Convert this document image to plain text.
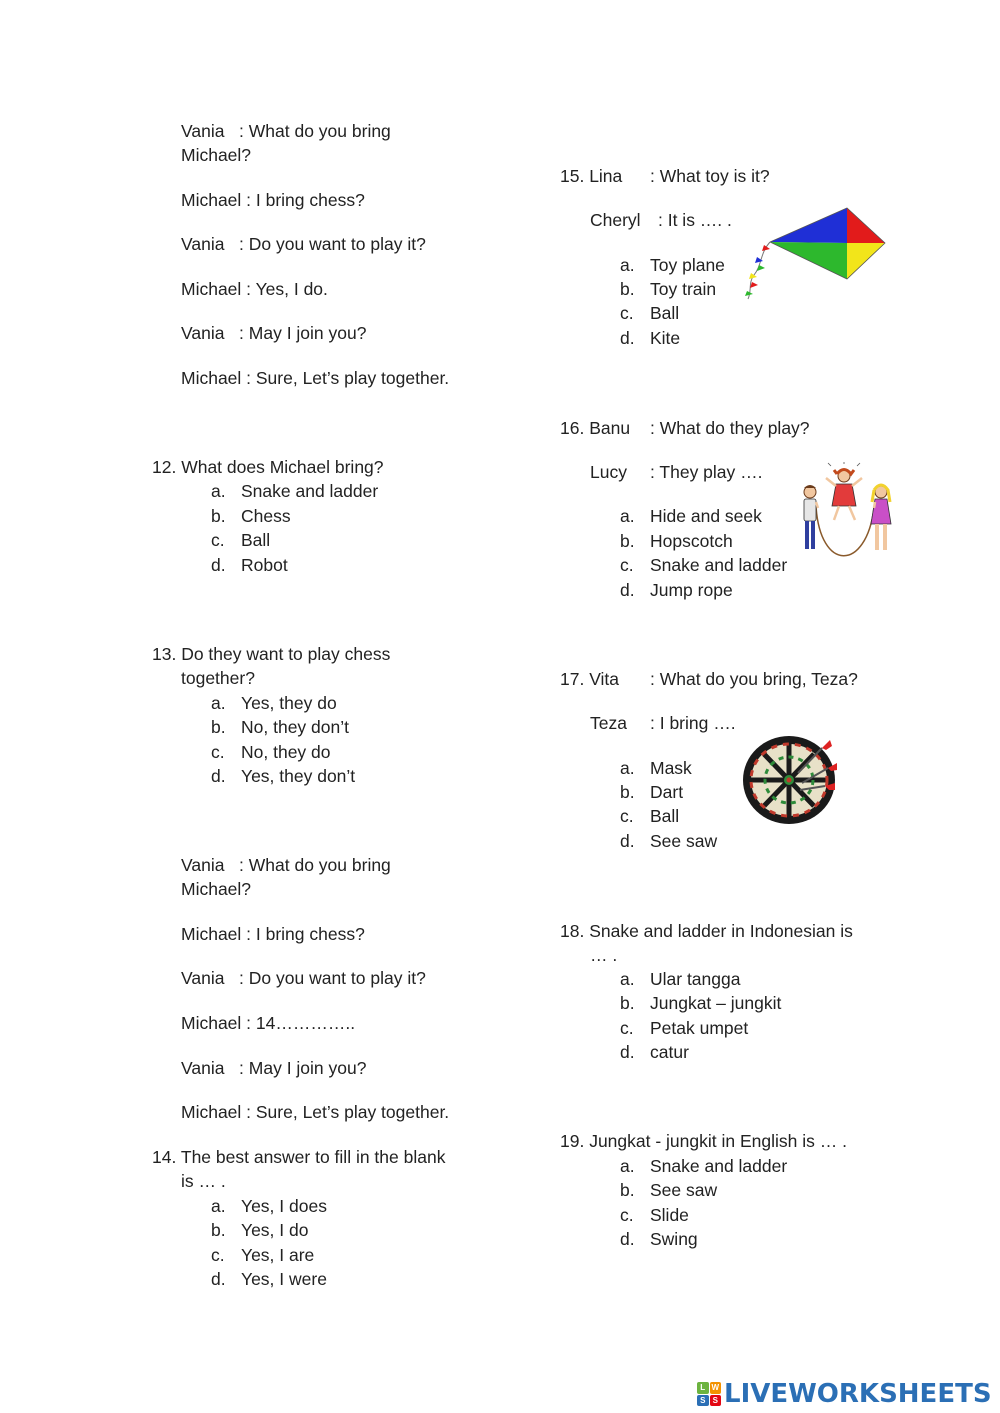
Vania   : What do you bring
Michael?
Michael : I bring chess?
Vania   : Do you want to play it?
Michael : Yes, I do.
Vania   : May I join you?
Michael : Sure, Let’s play together.
12. What does Michael bring?
a. Snake and ladder
b. Chess
c. Ball
d. Robot
13. Do they want to play chess
together?
a. Yes, they do
b. No, they don’t
c. No, they do
d. Yes, they don’t
Vania   : What do you bring
Michael?
Michael : I bring chess?
Vania   : Do you want to play it?
Michael : 14…………..
Vania   : May I join you?
Michael : Sure, Let’s play together.
14. The best answer to fill in the blank
is … .
a. Yes, I does
b. Yes, I do
c. Yes, I are
d. Yes, I were
15. Lina : What toy is it?
Cheryl : It is …. .
a. Toy plane
b. Toy train
c. Ball
d. Kite
16. Banu : What do they play?
Lucy : They play ….
a. Hide and seek
b. Hopscotch
c. Snake and ladder
d. Jump rope
17. Vita : What do you bring, Teza?
Teza : I bring ….
a. Mask
b. Dart
c. Ball
d. See saw
18. Snake and ladder in Indonesian is
… .
a. Ular tangga
b. Jungkat – jungkit
c. Petak umpet
d. catur
19. Jungkat - jungkit in English is … .
a. Snake and ladder
b. See saw
c. Slide
d. Swing
L W
S S LIVEWORKSHEETS
